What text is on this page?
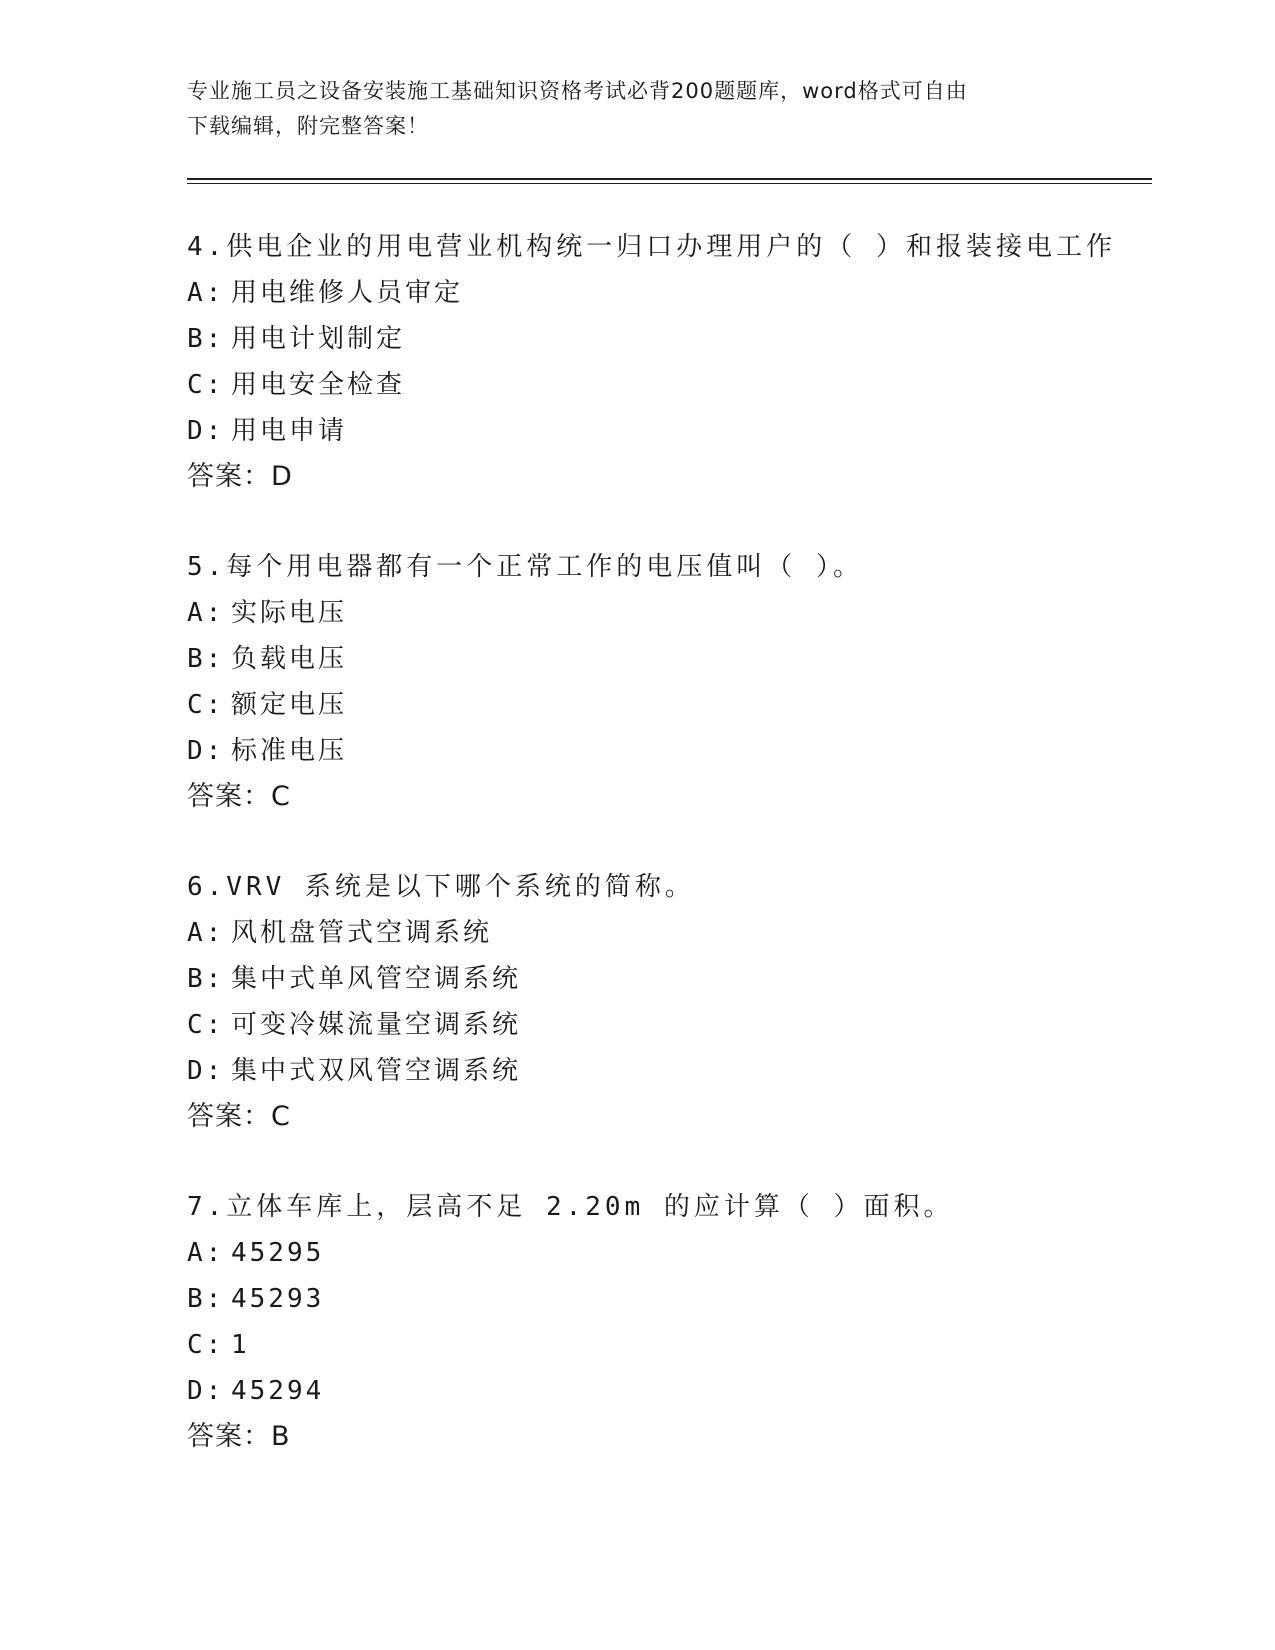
专业施工员之设备安装施工基础知识资格考试必背200题题库，word格式可自由
下载编辑，附完整答案！
4.供电企业的用电营业机构统一归口办理用户的（ ）和报装接电工作
A: 用电维修人员审定
B: 用电计划制定
C: 用电安全检查
D: 用电申请
答案：D
5.每个用电器都有一个正常工作的电压值叫（ ）。
A: 实际电压
B: 负载电压
C: 额定电压
D: 标准电压
答案：C
6.VRV 系统是以下哪个系统的简称。
A: 风机盘管式空调系统
B: 集中式单风管空调系统
C: 可变冷媒流量空调系统
D: 集中式双风管空调系统
答案：C
7.立体车库上，层高不足 2.20m 的应计算（ ）面积。
A: 45295
B: 45293
C: 1
D: 45294
答案：B
